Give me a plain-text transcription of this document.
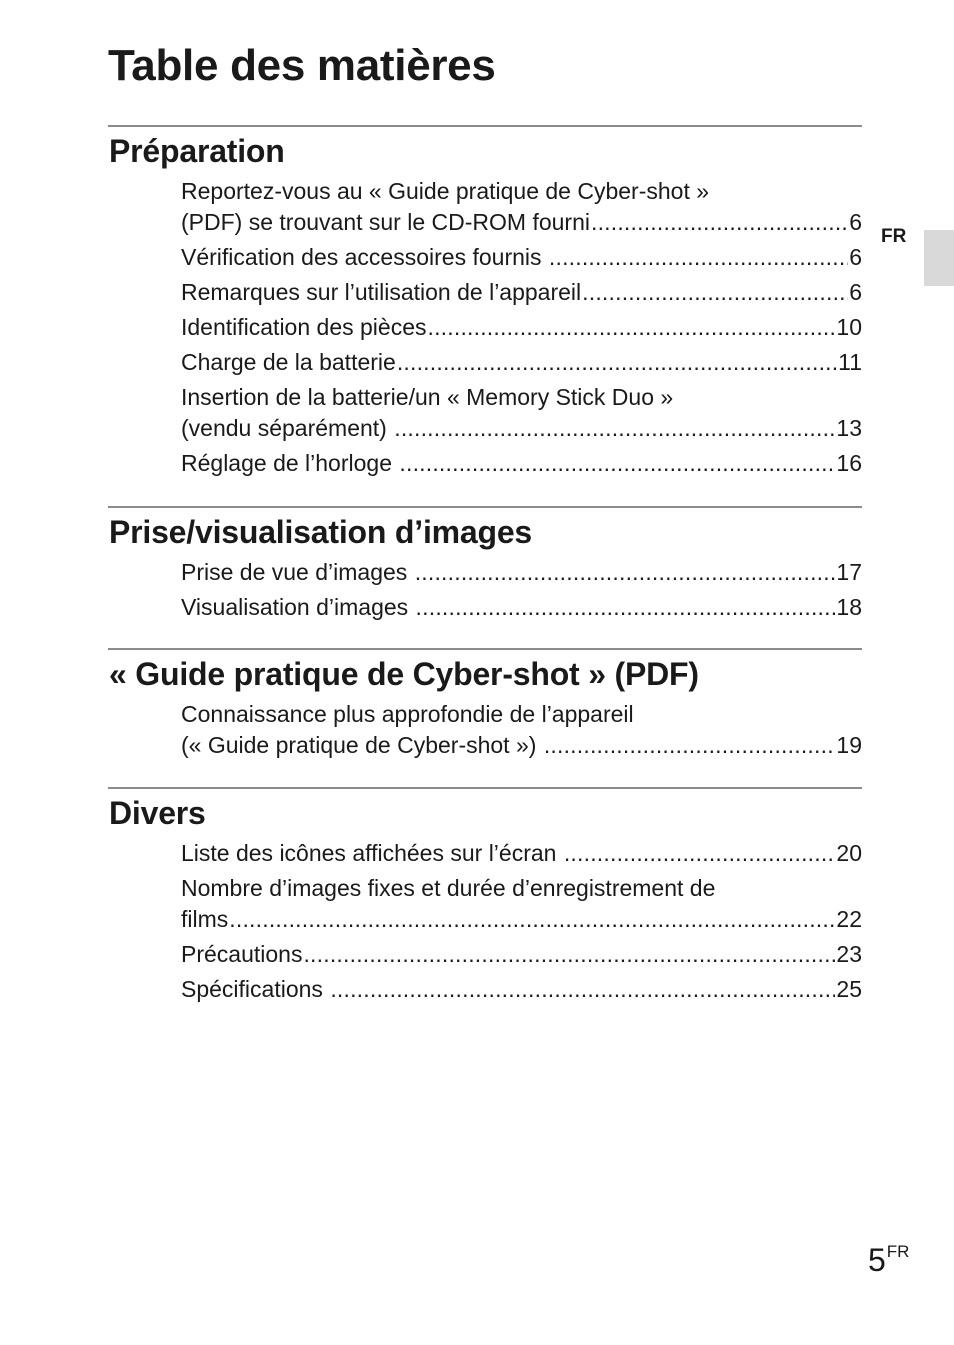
Table des matières
FR
Préparation
Reportez-vous au « Guide pratique de Cyber-shot »
(PDF) se trouvant sur le CD-ROM fourni .....	6
Vérification des accessoires fournis .....	6
Remarques sur l’utilisation de l’appareil .....	6
Identification des pièces .....	10
Charge de la batterie .....	11
Insertion de la batterie/un « Memory Stick Duo »
(vendu séparément) .....	13
Réglage de l’horloge .....	16
Prise/visualisation d’images
Prise de vue d’images .....	17
Visualisation d’images .....	18
« Guide pratique de Cyber-shot » (PDF)
Connaissance plus approfondie de l’appareil
(« Guide pratique de Cyber-shot ») .....	19
Divers
Liste des icônes affichées sur l’écran .....	20
Nombre d’images fixes et durée d’enregistrement de
films .....	22
Précautions .....	23
Spécifications .....	25
$5^{FR}$
